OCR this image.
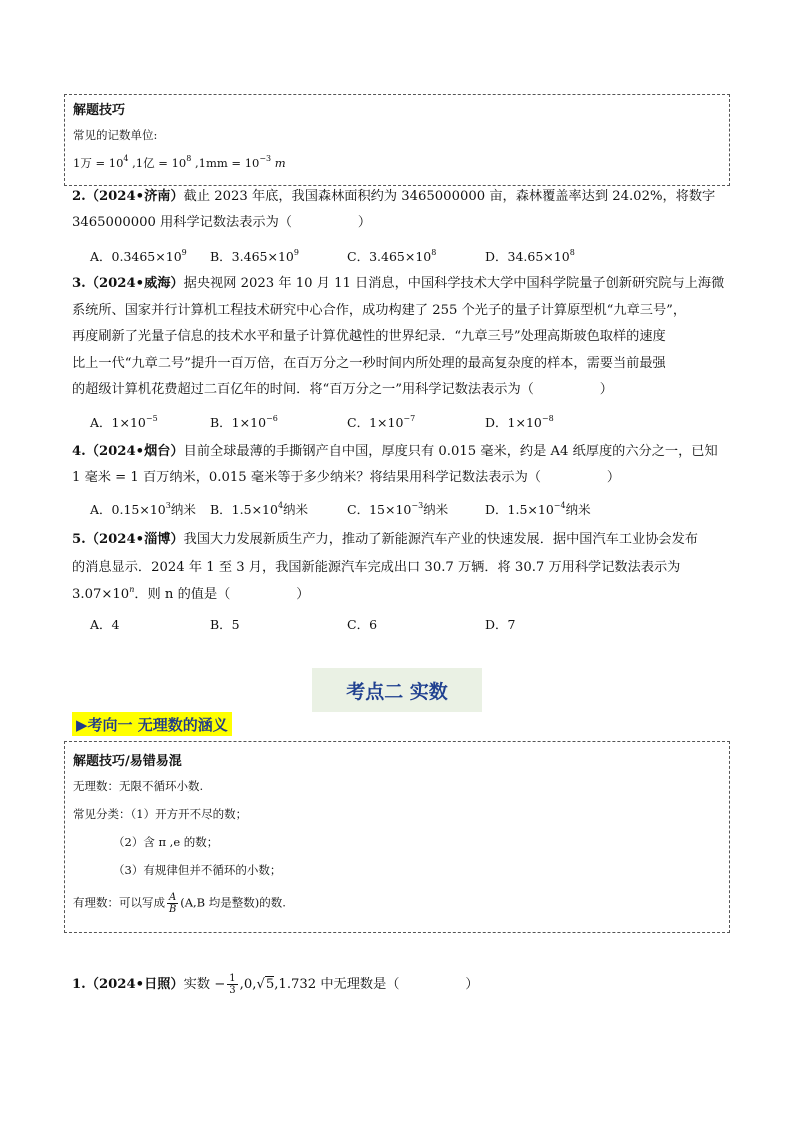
解题技巧
常见的记数单位:
1万 = $10^4$ ,1亿 = $10^8$ $,1mm = 10^{-3}$ m
2.（2024•济南）截止 2023 年底，我国森林面积约为 3465000000 亩，森林覆盖率达到 24.02%，将数字
3465000000 用科学记数法表示为（　　　　　）
A．$0.3465\times 10^9$ B．$3.465\times 10^9$	C．$3.465\times 10^8$	D．$34.65\times 10^8$
3.（2024•威海）据央视网 2023 年 10 月 11 日消息，中国科学技术大学中国科学院量子创新研究院与上海微
系统所、国家并行计算机工程技术研究中心合作，成功构建了 255 个光子的量子计算原型机“九章三号”，
再度刷新了光量子信息的技术水平和量子计算优越性的世界纪录．“九章三号”处理高斯玻色取样的速度
比上一代“九章二号”提升一百万倍，在百万分之一秒时间内所处理的最高复杂度的样本，需要当前最强
的超级计算机花费超过二百亿年的时间．将“百万分之一”用科学记数法表示为（　　　　　）
A．$1\times 10^{-5}$	B．$1\times 10^{-6}$	C．$1\times 10^{-7}$	D．$1\times 10^{-8}$
4.（2024•烟台）目前全球最薄的手撕钢产自中国，厚度只有 0.015 毫米，约是 A4 纸厚度的六分之一，已知
1 毫米 = 1 百万纳米，0.015 毫米等于多少纳米？将结果用科学记数法表示为（　　　　　）
A．$0.15\times 10^3$纳米 B．$1.5\times 10^4$纳米	C．$15\times 10^{-3}$纳米	D．$1.5\times 10^{-4}$纳米
5.（2024•淄博）我国大力发展新质生产力，推动了新能源汽车产业的快速发展．据中国汽车工业协会发布
的消息显示．2024 年 1 至 3 月，我国新能源汽车完成出口 30.7 万辆．将 30.7 万用科学记数法表示为
$3.07\times 10^n$．则 n 的值是（　　　　　）
A．4	B．5	C．6	D．7
考点二 实数
▶考向一 无理数的涵义
解题技巧/易错易混
无理数：无限不循环小数.
常见分类：（1）开方开不尽的数；
（2）含 π ,e 的数；
（3）有规律但并不循环的小数；
有理数：可以写成 $\frac{A}{B} (A,B$ 均是整数)的数.
1.（2024•日照）实数 − $\frac{1}{3} ,0,√5,1.732$ 中无理数是（　　　　　）
